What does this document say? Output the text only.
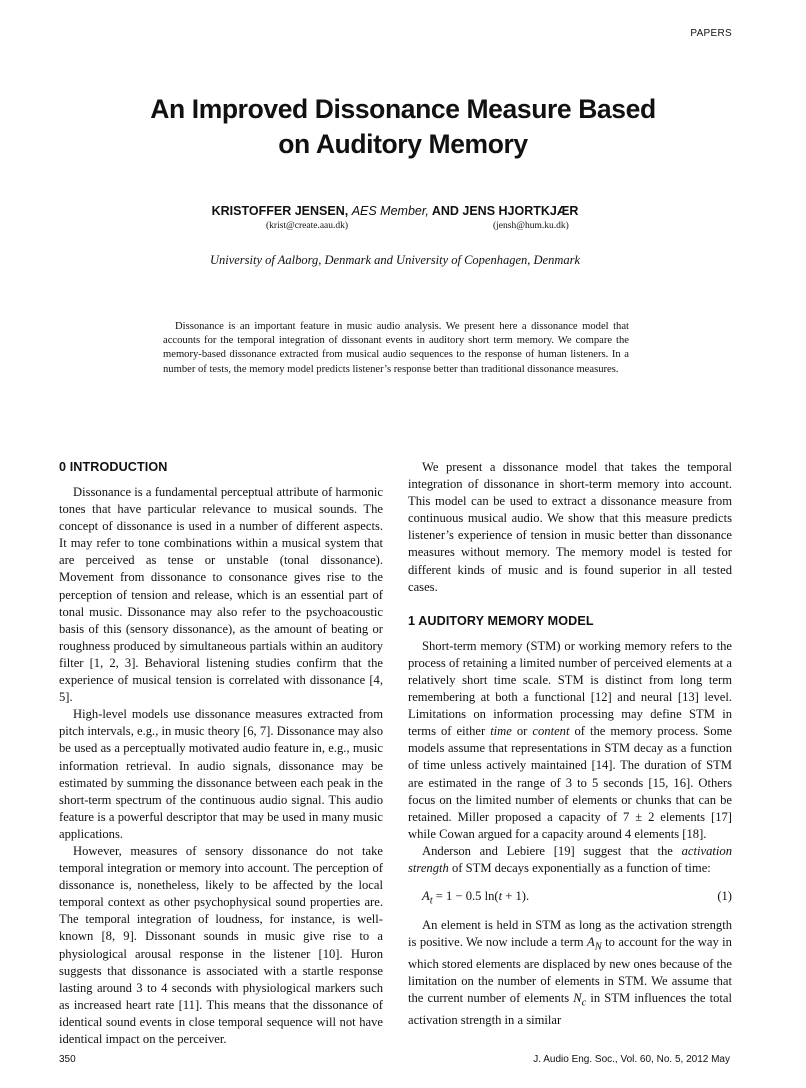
PAPERS
An Improved Dissonance Measure Based
on Auditory Memory
KRISTOFFER JENSEN, AES Member, AND JENS HJORTKJÆR
(krist@create.aau.dk)	(jensh@hum.ku.dk)
University of Aalborg, Denmark and University of Copenhagen, Denmark

Dissonance is an important feature in music audio analysis. We present here a dissonance model that accounts for the temporal integration of dissonant events in auditory short term memory. We compare the memory-based dissonance extracted from musical audio sequences to the response of human listeners. In a number of tests, the memory model predicts listener’s response better than traditional dissonance measures.

0 INTRODUCTION

Dissonance is a fundamental perceptual attribute of harmonic tones that have particular relevance to musical sounds. The concept of dissonance is used in a number of different aspects. It may refer to tone combinations within a musical system that are perceived as tense or unstable (tonal dissonance). Movement from dissonance to consonance gives rise to the perception of tension and release, which is an essential part of tonal music. Dissonance may also refer to the psychoacoustic basis of this (sensory dissonance), as the amount of beating or roughness produced by simultaneous partials within an auditory filter [1, 2, 3]. Behavioral listening studies confirm that the experience of musical tension is correlated with dissonance [4, 5].

High-level models use dissonance measures extracted from pitch intervals, e.g., in music theory [6, 7]. Dissonance may also be used as a perceptually motivated audio feature in, e.g., music information retrieval. In audio signals, dissonance may be estimated by summing the dissonance between each peak in the short-term spectrum of the continuous audio signal. This audio feature is a powerful descriptor that may be used in many music applications.

However, measures of sensory dissonance do not take temporal integration or memory into account. The perception of dissonance is, nonetheless, likely to be affected by the local temporal context as other psychophysical sound properties are. The temporal integration of loudness, for instance, is well-known [8, 9]. Dissonant sounds in music give rise to a physiological arousal response in the listener [10]. Huron suggests that dissonance is associated with a startle response lasting around 3 to 4 seconds with physiological markers such as increased heart rate [11]. This means that the dissonance of identical sound events in close temporal sequence will not have identical impact on the perceiver.

We present a dissonance model that takes the temporal integration of dissonance in short-term memory into account. This model can be used to extract a dissonance measure from continuous musical audio. We show that this measure predicts listener’s experience of tension in music better than dissonance measures without memory. The memory model is tested for different kinds of music and is found superior in all tested cases.

1 AUDITORY MEMORY MODEL

Short-term memory (STM) or working memory refers to the process of retaining a limited number of perceived elements at a relatively short time scale. STM is distinct from long term remembering at both a functional [12] and neural [13] level. Limitations on information processing may define STM in terms of either time or content of the memory process. Some models assume that representations in STM decay as a function of time unless actively maintained [14]. The duration of STM are estimated in the range of 3 to 5 seconds [15, 16]. Others focus on the limited number of elements or chunks that can be retained. Miller proposed a capacity of 7 ± 2 elements [17] while Cowan argued for a capacity around 4 elements [18].

Anderson and Lebiere [19] suggest that the activation strength of STM decays exponentially as a function of time:

$A_t = 1 - 0.5$ ln(t + 1).	(1)

An element is held in STM as long as the activation strength is positive. We now include a term $A_N$ to account for the way in which stored elements are displaced by new ones because of the limitation on the number of elements in STM. We assume that the current number of elements $N_c$ in STM influences the total activation strength in a similar

350	J. Audio Eng. Soc., Vol. 60, No. 5, 2012 May
